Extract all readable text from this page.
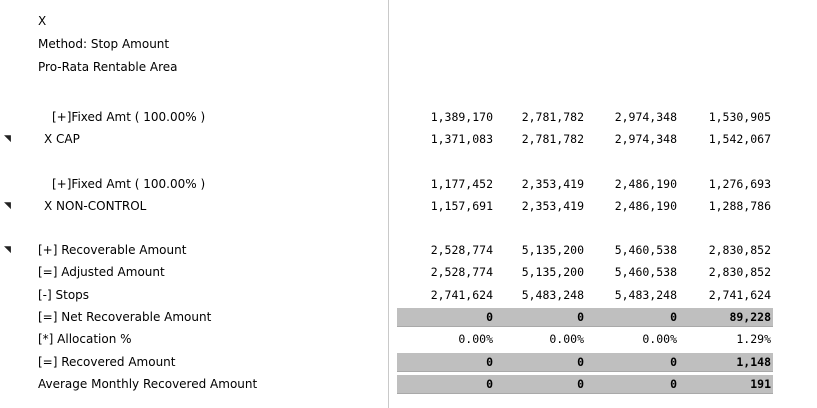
X
Method: Stop Amount
Pro-Rata Rentable Area
[+]Fixed Amt ( 100.00% )	1,389,170	2,781,782	2,974,348	1,530,905
◥	X CAP	1,371,083	2,781,782	2,974,348	1,542,067
[+]Fixed Amt ( 100.00% )	1,177,452	2,353,419	2,486,190	1,276,693
◥	X NON-CONTROL	1,157,691	2,353,419	2,486,190	1,288,786
◥ [+] Recoverable Amount	2,528,774	5,135,200	5,460,538	2,830,852
[=] Adjusted Amount	2,528,774	5,135,200	5,460,538	2,830,852
[-] Stops	2,741,624	5,483,248	5,483,248	2,741,624
[=] Net Recoverable Amount	0	0	0	89,228
[*] Allocation %	0.00%	0.00%	0.00%	1.29%
[=] Recovered Amount	0	0	0	1,148
Average Monthly Recovered Amount	0	0	0	191
